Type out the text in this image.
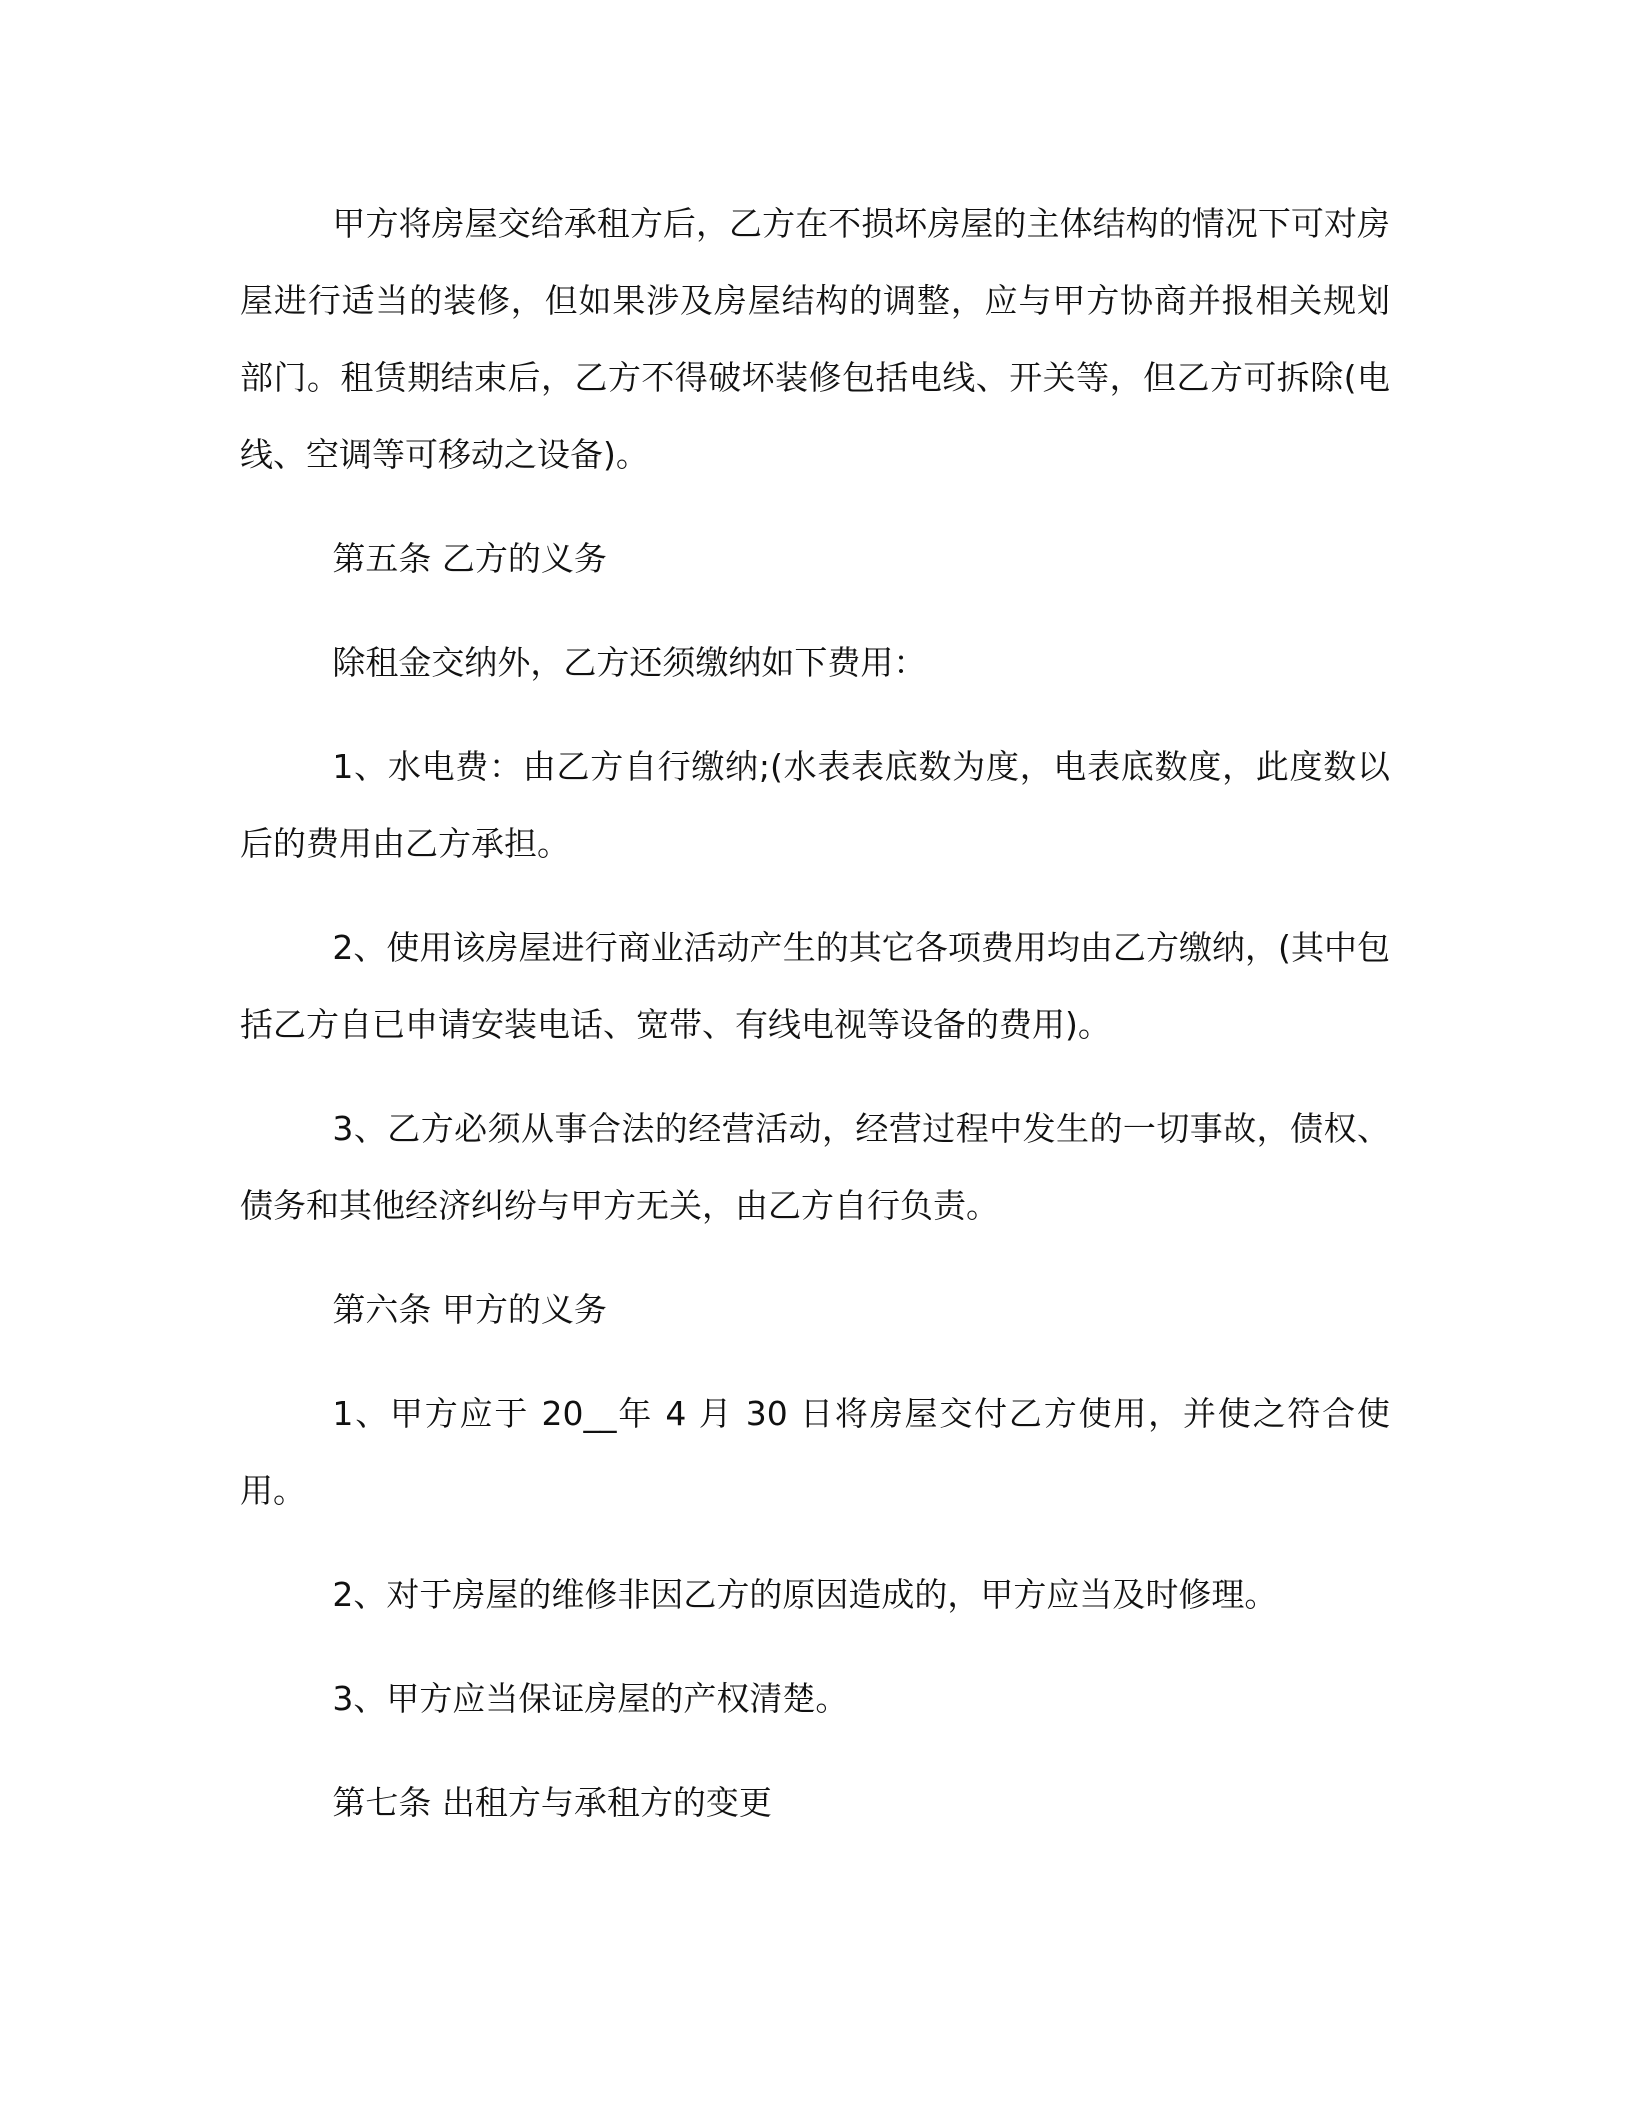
甲方将房屋交给承租方后，乙方在不损坏房屋的主体结构的情况下可对房屋进行适当的装修，但如果涉及房屋结构的调整，应与甲方协商并报相关规划部门。租赁期结束后，乙方不得破坏装修包括电线、开关等，但乙方可拆除(电线、空调等可移动之设备)。

第五条 乙方的义务

除租金交纳外，乙方还须缴纳如下费用：

1、水电费：由乙方自行缴纳;(水表表底数为度，电表底数度，此度数以后的费用由乙方承担。

2、使用该房屋进行商业活动产生的其它各项费用均由乙方缴纳，(其中包括乙方自已申请安装电话、宽带、有线电视等设备的费用)。

3、乙方必须从事合法的经营活动，经营过程中发生的一切事故，债权、债务和其他经济纠纷与甲方无关，由乙方自行负责。

第六条 甲方的义务

1、甲方应于 20__年 4 月 30 日将房屋交付乙方使用，并使之符合使用。

2、对于房屋的维修非因乙方的原因造成的，甲方应当及时修理。

3、甲方应当保证房屋的产权清楚。

第七条 出租方与承租方的变更
